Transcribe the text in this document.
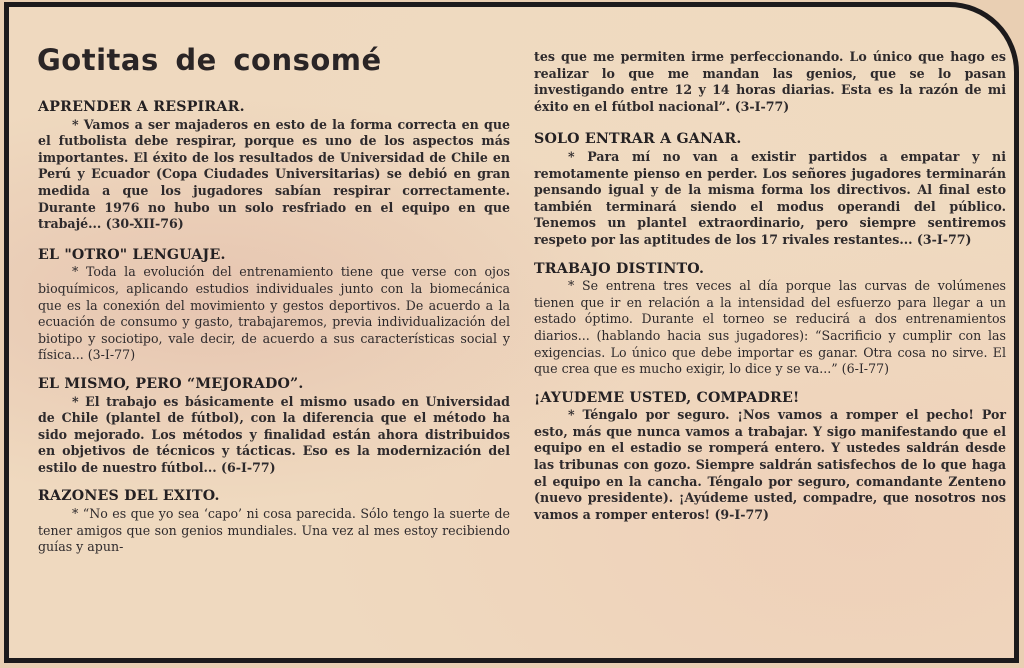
Gotitas de consomé
APRENDER A RESPIRAR.

* Vamos a ser majaderos en esto de la forma correcta en que el futbolista debe respirar, porque es uno de los aspectos más importantes. El éxito de los resultados de Universidad de Chile en Perú y Ecuador (Copa Ciudades Universitarias) se debió en gran medida a que los jugadores sabían respirar correctamente. Durante 1976 no hubo un solo resfriado en el equipo en que trabajé... (30-XII-76)

EL "OTRO" LENGUAJE.

* Toda la evolución del entrenamiento tiene que verse con ojos bioquímicos, aplicando estudios individuales junto con la biomecánica que es la conexión del movimiento y gestos deportivos. De acuerdo a la ecuación de consumo y gasto, trabajaremos, previa individualización del biotipo y sociotipo, vale decir, de acuerdo a sus características social y física... (3-I-77)

EL MISMO, PERO “MEJORADO”.

* El trabajo es básicamente el mismo usado en Universidad de Chile (plantel de fútbol), con la diferencia que el método ha sido mejorado. Los métodos y finalidad están ahora distribuidos en objetivos de técnicos y tácticas. Eso es la modernización del estilo de nuestro fútbol... (6-I-77)

RAZONES DEL EXITO.

* “No es que yo sea ‘capo’ ni cosa parecida. Sólo tengo la suerte de tener amigos que son genios mundiales. Una vez al mes estoy recibiendo guías y apun-

tes que me permiten irme perfeccionando. Lo único que hago es realizar lo que me mandan las genios, que se lo pasan investigando entre 12 y 14 horas diarias. Esta es la razón de mi éxito en el fútbol nacional”. (3-I-77)

SOLO ENTRAR A GANAR.

* Para mí no van a existir partidos a empatar y ni remotamente pienso en perder. Los señores jugadores terminarán pensando igual y de la misma forma los directivos. Al final esto también terminará siendo el modus operandi del público. Tenemos un plantel extraordinario, pero siempre sentiremos respeto por las aptitudes de los 17 rivales restantes... (3-I-77)

TRABAJO DISTINTO.

* Se entrena tres veces al día porque las curvas de volúmenes tienen que ir en relación a la intensidad del esfuerzo para llegar a un estado óptimo. Durante el torneo se reducirá a dos entrenamientos diarios... (hablando hacia sus jugadores): “Sacrificio y cumplir con las exigencias. Lo único que debe importar es ganar. Otra cosa no sirve. El que crea que es mucho exigir, lo dice y se va...” (6-I-77)

¡AYUDEME USTED, COMPADRE!

* Téngalo por seguro. ¡Nos vamos a romper el pecho! Por esto, más que nunca vamos a trabajar. Y sigo manifestando que el equipo en el estadio se romperá entero. Y ustedes saldrán desde las tribunas con gozo. Siempre saldrán satisfechos de lo que haga el equipo en la cancha. Téngalo por seguro, comandante Zenteno (nuevo presidente). ¡Ayúdeme usted, compadre, que nosotros nos vamos a romper enteros! (9-I-77)
